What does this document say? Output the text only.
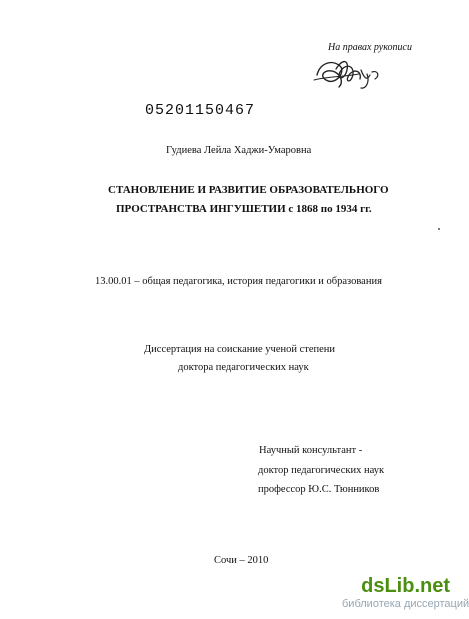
На правах рукописи
05201150467
Гудиева Лейла Хаджи-Умаровна
СТАНОВЛЕНИЕ И РАЗВИТИЕ ОБРАЗОВАТЕЛЬНОГО
ПРОСТРАНСТВА ИНГУШЕТИИ с 1868 по 1934 гг.
13.00.01 – общая педагогика, история педагогики и образования
Диссертация на соискание ученой степени
доктора педагогических наук
Научный консультант -
доктор педагогических наук
профессор Ю.С. Тюнников
Сочи – 2010
dsLib.net
библиотека диссертаций
